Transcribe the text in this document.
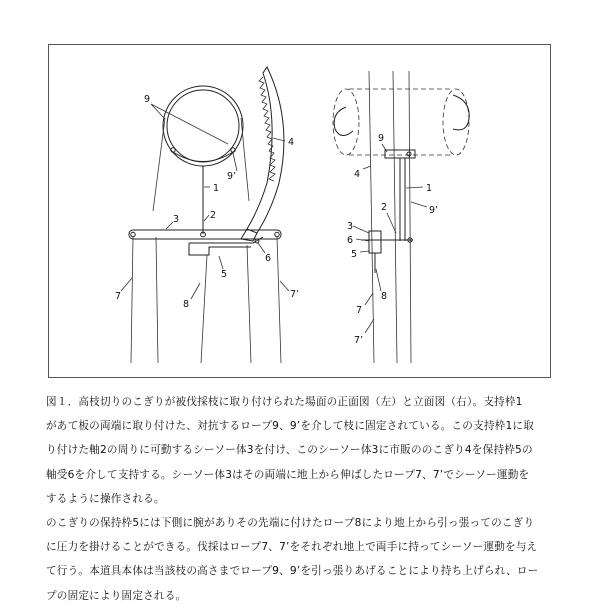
9
4
9’
1
2
3
6
5
7	7’
8
9
4
1
9’
2
3
6
5
8
7
7’

図１．高枝切りのこぎりが被伐採枝に取り付けられた場面の正面図（左）と立面図（右）。支持枠1

があて板の両端に取り付けた、対抗するロープ9、9’を介して枝に固定されている。この支持枠1に取

り付けた軸2の周りに可動するシーソー体3を付け、このシーソー体3に市販ののこぎり4を保持枠5の

軸受6を介して支持する。シーソー体3はその両端に地上から伸ばしたロープ7、7’でシーソー運動を

するように操作される。

のこぎりの保持枠5には下側に腕がありその先端に付けたロープ8により地上から引っ張ってのこぎり

に圧力を掛けることができる。伐採はロープ7、7’をそれぞれ地上で両手に持ってシーソー運動を与え

て行う。本道具本体は当該枝の高さまでロープ9、9’を引っ張りあげることにより持ち上げられ、ロー

プの固定により固定される。
